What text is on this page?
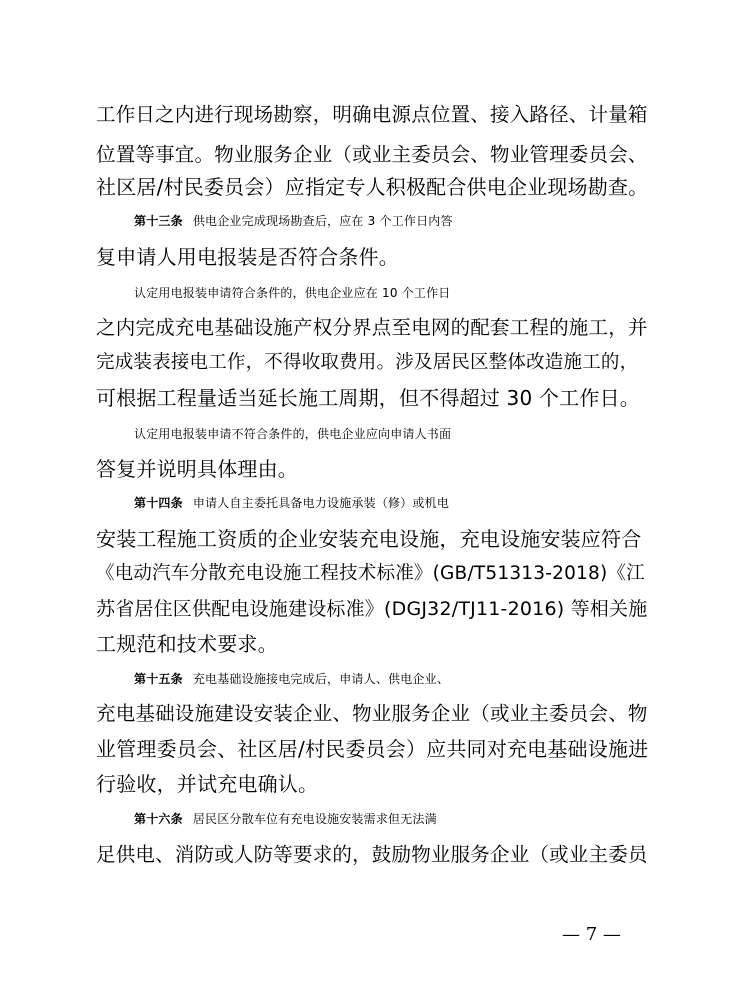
工作日之内进行现场勘察，明确电源点位置、接入路径、计量箱
位置等事宜。物业服务企业（或业主委员会、物业管理委员会、
社区居/村民委员会）应指定专人积极配合供电企业现场勘查。
第十三条 供电企业完成现场勘查后，应在 3 个工作日内答
复申请人用电报装是否符合条件。
认定用电报装申请符合条件的，供电企业应在 10 个工作日
之内完成充电基础设施产权分界点至电网的配套工程的施工，并
完成装表接电工作，不得收取费用。涉及居民区整体改造施工的，
可根据工程量适当延长施工周期，但不得超过 30 个工作日。
认定用电报装申请不符合条件的，供电企业应向申请人书面
答复并说明具体理由。
第十四条 申请人自主委托具备电力设施承装（修）或机电
安装工程施工资质的企业安装充电设施，充电设施安装应符合
《电动汽车分散充电设施工程技术标准》(GB/T51313-2018)《江
苏省居住区供配电设施建设标准》(DGJ32/TJ11-2016) 等相关施
工规范和技术要求。
第十五条 充电基础设施接电完成后，申请人、供电企业、
充电基础设施建设安装企业、物业服务企业（或业主委员会、物
业管理委员会、社区居/村民委员会）应共同对充电基础设施进
行验收，并试充电确认。
第十六条 居民区分散车位有充电设施安装需求但无法满
足供电、消防或人防等要求的，鼓励物业服务企业（或业主委员
— 7 —
